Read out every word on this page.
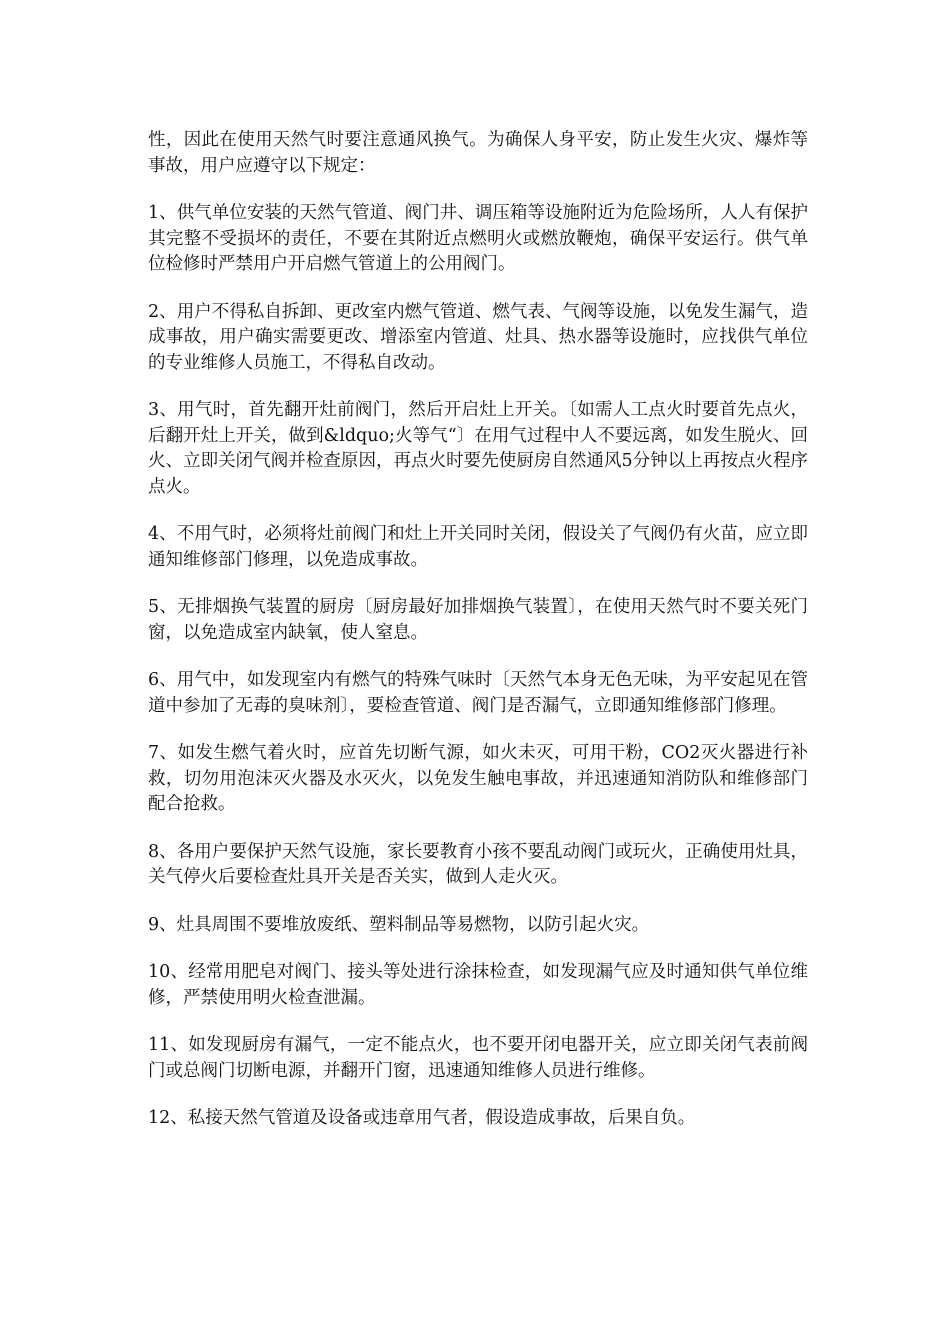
性，因此在使用天然气时要注意通风换气。为确保人身平安，防止发生火灾、爆炸等事故，用户应遵守以下规定：

1、供气单位安装的天然气管道、阀门井、调压箱等设施附近为危险场所，人人有保护其完整不受损坏的责任，不要在其附近点燃明火或燃放鞭炮，确保平安运行。供气单位检修时严禁用户开启燃气管道上的公用阀门。

2、用户不得私自拆卸、更改室内燃气管道、燃气表、气阀等设施，以免发生漏气，造成事故，用户确实需要更改、增添室内管道、灶具、热水器等设施时，应找供气单位的专业维修人员施工，不得私自改动。

3、用气时，首先翻开灶前阀门，然后开启灶上开关。〔如需人工点火时要首先点火，后翻开灶上开关，做到&ldquo;火等气“〕在用气过程中人不要远离，如发生脱火、回火、立即关闭气阀并检查原因，再点火时要先使厨房自然通风5分钟以上再按点火程序点火。

4、不用气时，必须将灶前阀门和灶上开关同时关闭，假设关了气阀仍有火苗，应立即通知维修部门修理，以免造成事故。

5、无排烟换气装置的厨房〔厨房最好加排烟换气装置〕，在使用天然气时不要关死门窗，以免造成室内缺氧，使人窒息。

6、用气中，如发现室内有燃气的特殊气味时〔天然气本身无色无味，为平安起见在管道中参加了无毒的臭味剂〕，要检查管道、阀门是否漏气，立即通知维修部门修理。

7、如发生燃气着火时，应首先切断气源，如火未灭，可用干粉，CO2灭火器进行补救，切勿用泡沫灭火器及水灭火，以免发生触电事故，并迅速通知消防队和维修部门配合抢救。

8、各用户要保护天然气设施，家长要教育小孩不要乱动阀门或玩火，正确使用灶具，关气停火后要检查灶具开关是否关实，做到人走火灭。

9、灶具周围不要堆放废纸、塑料制品等易燃物，以防引起火灾。

10、经常用肥皂对阀门、接头等处进行涂抹检查，如发现漏气应及时通知供气单位维修，严禁使用明火检查泄漏。

11、如发现厨房有漏气，一定不能点火，也不要开闭电器开关，应立即关闭气表前阀门或总阀门切断电源，并翻开门窗，迅速通知维修人员进行维修。

12、私接天然气管道及设备或违章用气者，假设造成事故，后果自负。
